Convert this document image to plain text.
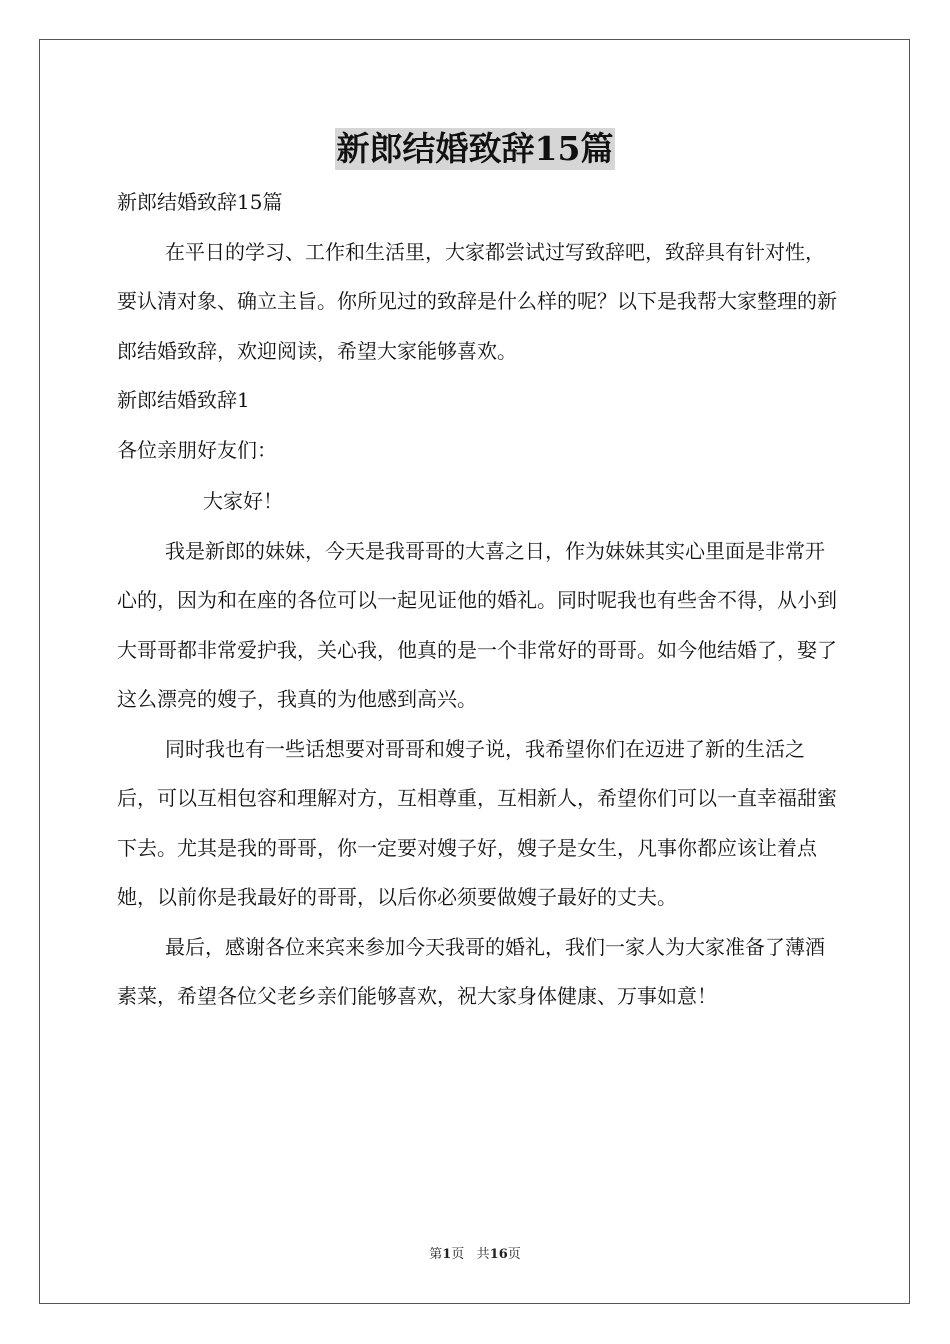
新郎结婚致辞15篇

新郎结婚致辞15篇

在平日的学习、工作和生活里，大家都尝试过写致辞吧，致辞具有针对性，要认清对象、确立主旨。你所见过的致辞是什么样的呢？以下是我帮大家整理的新郎结婚致辞，欢迎阅读，希望大家能够喜欢。

新郎结婚致辞1

各位亲朋好友们：

大家好！

我是新郎的妹妹，今天是我哥哥的大喜之日，作为妹妹其实心里面是非常开心的，因为和在座的各位可以一起见证他的婚礼。同时呢我也有些舍不得，从小到大哥哥都非常爱护我，关心我，他真的是一个非常好的哥哥。如今他结婚了，娶了这么漂亮的嫂子，我真的为他感到高兴。

同时我也有一些话想要对哥哥和嫂子说，我希望你们在迈进了新的生活之后，可以互相包容和理解对方，互相尊重，互相新人，希望你们可以一直幸福甜蜜下去。尤其是我的哥哥，你一定要对嫂子好，嫂子是女生，凡事你都应该让着点她，以前你是我最好的哥哥，以后你必须要做嫂子最好的丈夫。

最后，感谢各位来宾来参加今天我哥的婚礼，我们一家人为大家准备了薄酒素菜，希望各位父老乡亲们能够喜欢，祝大家身体健康、万事如意！

第1页 共16页
